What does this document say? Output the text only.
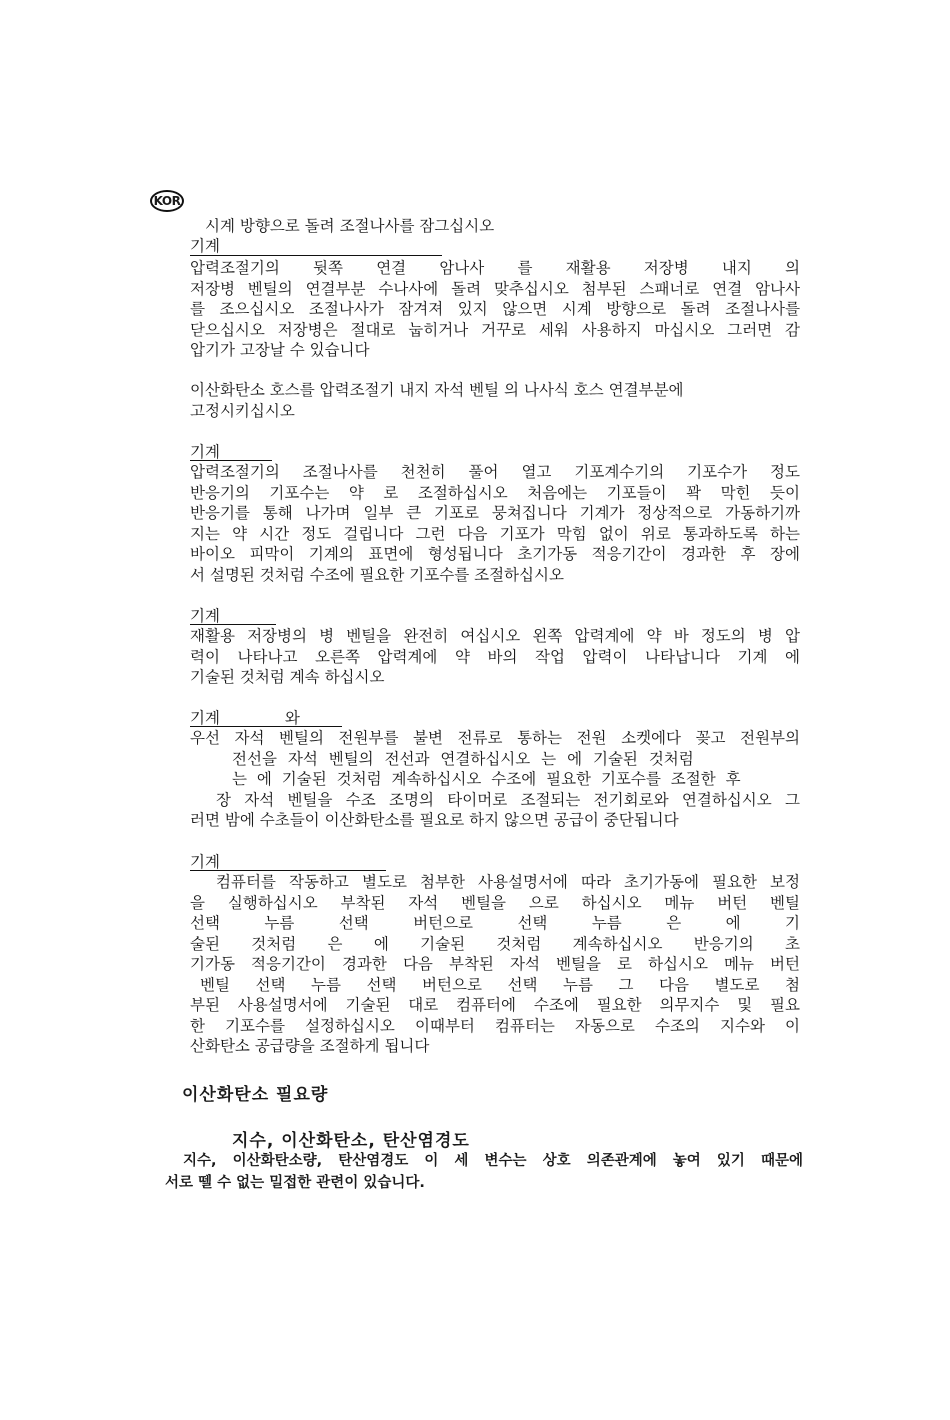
KOR
시계 방향으로 돌려 조절나사를 잠그십시오
기계
압력조절기의 뒷쪽 연결 암나사 를 재활용 저장병 내지 의
저장병 벤틸의 연결부분 수나사에 돌려 맞추십시오 첨부된 스패너로 연결 암나사
를 조으십시오 조절나사가 잠겨져 있지 않으면 시계 방향으로 돌려 조절나사를
닫으십시오 저장병은 절대로 눕히거나 거꾸로 세워 사용하지 마십시오 그러면 감
압기가 고장날 수 있습니다
이산화탄소 호스를 압력조절기 내지 자석 벤틸 의 나사식 호스 연결부분에
고정시키십시오
기계
압력조절기의 조절나사를 천천히 풀어 열고 기포계수기의 기포수가 정도
반응기의 기포수는 약 로 조절하십시오 처음에는 기포들이 꽉 막힌 듯이
반응기를 통해 나가며 일부 큰 기포로 뭉쳐집니다 기계가 정상적으로 가동하기까
지는 약 시간 정도 걸립니다 그런 다음 기포가 막힘 없이 위로 통과하도록 하는
바이오 피막이 기계의 표면에 형성됩니다 초기가동 적응기간이 경과한 후 장에
서 설명된 것처럼 수조에 필요한 기포수를 조절하십시오
기계
재활용 저장병의 병 벤틸을 완전히 여십시오 왼쪽 압력계에 약 바 정도의 병 압
력이 나타나고 오른쪽 압력계에 약 바의 작업 압력이 나타납니다 기계 에
기술된 것처럼 계속 하십시오
기계 와
우선 자석 벤틸의 전원부를 불변 전류로 통하는 전원 소켓에다 꽂고 전원부의
전선을 자석 벤틸의 전선과 연결하십시오 는 에 기술된 것처럼
는 에 기술된 것처럼 계속하십시오 수조에 필요한 기포수를 조절한 후
장 자석 벤틸을 수조 조명의 타이머로 조절되는 전기회로와 연결하십시오 그
러면 밤에 수초들이 이산화탄소를 필요로 하지 않으면 공급이 중단됩니다
기계
컴퓨터를 작동하고 별도로 첨부한 사용설명서에 따라 초기가동에 필요한 보정
을 실행하십시오 부착된 자석 벤틸을 으로 하십시오 메뉴 버턴 벤틸
선택 누름 선택 버턴으로 선택 누름 은 에 기
술된 것처럼 은 에 기술된 것처럼 계속하십시오 반응기의 초
기가동 적응기간이 경과한 다음 부착된 자석 벤틸을 로 하십시오 메뉴 버턴
벤틸 선택 누름 선택 버턴으로 선택 누름 그 다음 별도로 첨
부된 사용설명서에 기술된 대로 컴퓨터에 수조에 필요한 의무지수 및 필요
한 기포수를 설정하십시오 이때부터 컴퓨터는 자동으로 수조의 지수와 이
산화탄소 공급량을 조절하게 됩니다
이산화탄소 필요량
지수, 이산화탄소, 탄산염경도
지수, 이산화탄소량, 탄산염경도 이 세 변수는 상호 의존관계에 놓여 있기 때문에
서로 뗄 수 없는 밀접한 관련이 있습니다.
